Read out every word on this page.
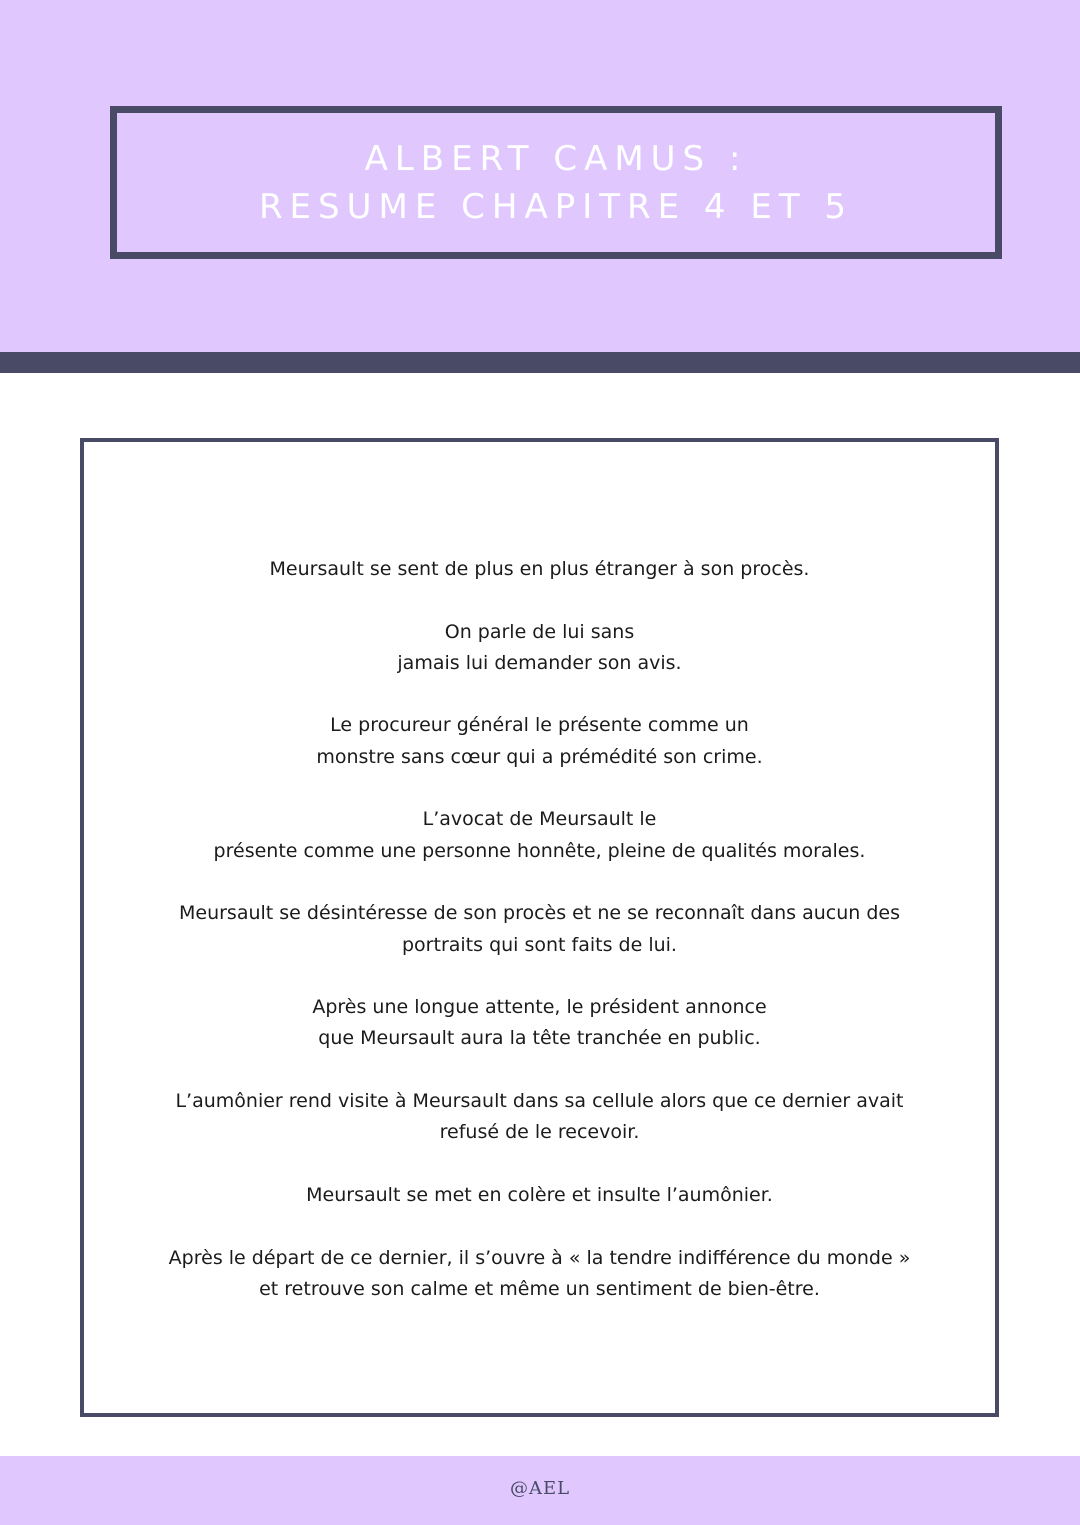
ALBERT CAMUS :
RESUME CHAPITRE 4 ET 5

Meursault se sent de plus en plus étranger à son procès.

On parle de lui sans
jamais lui demander son avis.

Le procureur général le présente comme un
monstre sans cœur qui a prémédité son crime.

L’avocat de Meursault le
présente comme une personne honnête, pleine de qualités morales.

Meursault se désintéresse de son procès et ne se reconnaît dans aucun des
portraits qui sont faits de lui.

Après une longue attente, le président annonce
que Meursault aura la tête tranchée en public.

L’aumônier rend visite à Meursault dans sa cellule alors que ce dernier avait
refusé de le recevoir.

Meursault se met en colère et insulte l’aumônier.

Après le départ de ce dernier, il s’ouvre à « la tendre indifférence du monde »
et retrouve son calme et même un sentiment de bien-être.

@AEL
